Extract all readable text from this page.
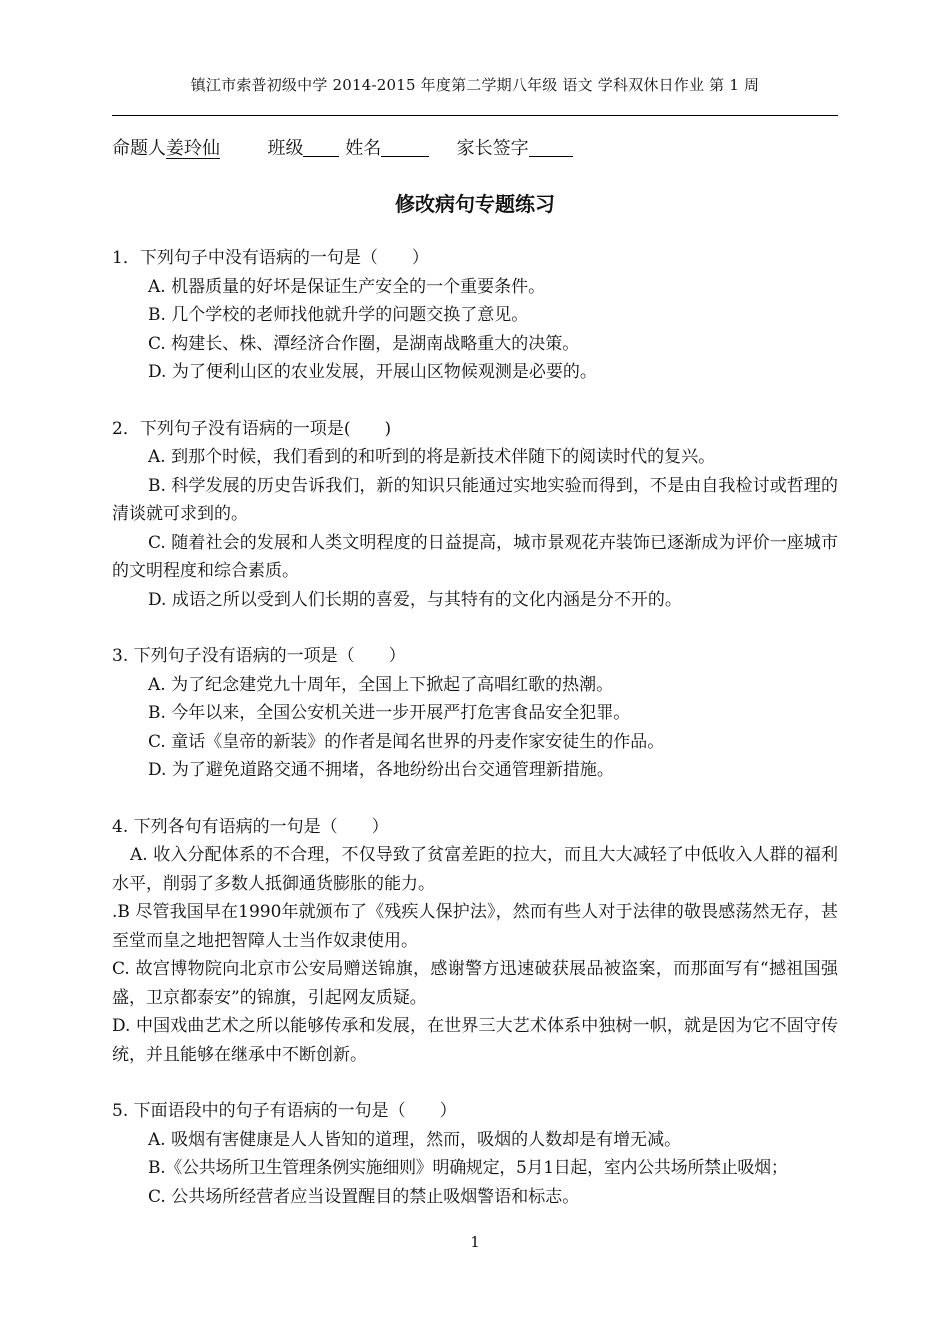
镇江市索普初级中学 2014-2015 年度第二学期八年级 语文 学科双休日作业 第 1 周
命题人姜玲仙	班级 姓名	家长签字
修改病句专题练习
1．下列句子中没有语病的一句是（　　）
A. 机器质量的好坏是保证生产安全的一个重要条件。
B. 几个学校的老师找他就升学的问题交换了意见。
C. 构建长、株、潭经济合作圈，是湖南战略重大的决策。
D. 为了便利山区的农业发展，开展山区物候观测是必要的。
2．下列句子没有语病的一项是(　　)
A. 到那个时候，我们看到的和听到的将是新技术伴随下的阅读时代的复兴。
B. 科学发展的历史告诉我们，新的知识只能通过实地实验而得到，不是由自我检讨或哲理的清谈就可求到的。
C. 随着社会的发展和人类文明程度的日益提高，城市景观花卉装饰已逐渐成为评价一座城市的文明程度和综合素质。
D. 成语之所以受到人们长期的喜爱，与其特有的文化内涵是分不开的。
3. 下列句子没有语病的一项是（　　）
A. 为了纪念建党九十周年，全国上下掀起了高唱红歌的热潮。
B. 今年以来，全国公安机关进一步开展严打危害食品安全犯罪。
C. 童话《皇帝的新装》的作者是闻名世界的丹麦作家安徒生的作品。
D. 为了避免道路交通不拥堵，各地纷纷出台交通管理新措施。
4. 下列各句有语病的一句是（　　）
A. 收入分配体系的不合理，不仅导致了贫富差距的拉大，而且大大减轻了中低收入人群的福利水平，削弱了多数人抵御通货膨胀的能力。
.B 尽管我国早在1990年就颁布了《残疾人保护法》，然而有些人对于法律的敬畏感荡然无存，甚至堂而皇之地把智障人士当作奴隶使用。
C. 故宫博物院向北京市公安局赠送锦旗，感谢警方迅速破获展品被盗案，而那面写有“撼祖国强盛，卫京都泰安”的锦旗，引起网友质疑。
D. 中国戏曲艺术之所以能够传承和发展，在世界三大艺术体系中独树一帜，就是因为它不固守传统，并且能够在继承中不断创新。
5. 下面语段中的句子有语病的一句是（　　）
A. 吸烟有害健康是人人皆知的道理，然而，吸烟的人数却是有增无减。
B.《公共场所卫生管理条例实施细则》明确规定，5月1日起，室内公共场所禁止吸烟；
C. 公共场所经营者应当设置醒目的禁止吸烟警语和标志。
1
